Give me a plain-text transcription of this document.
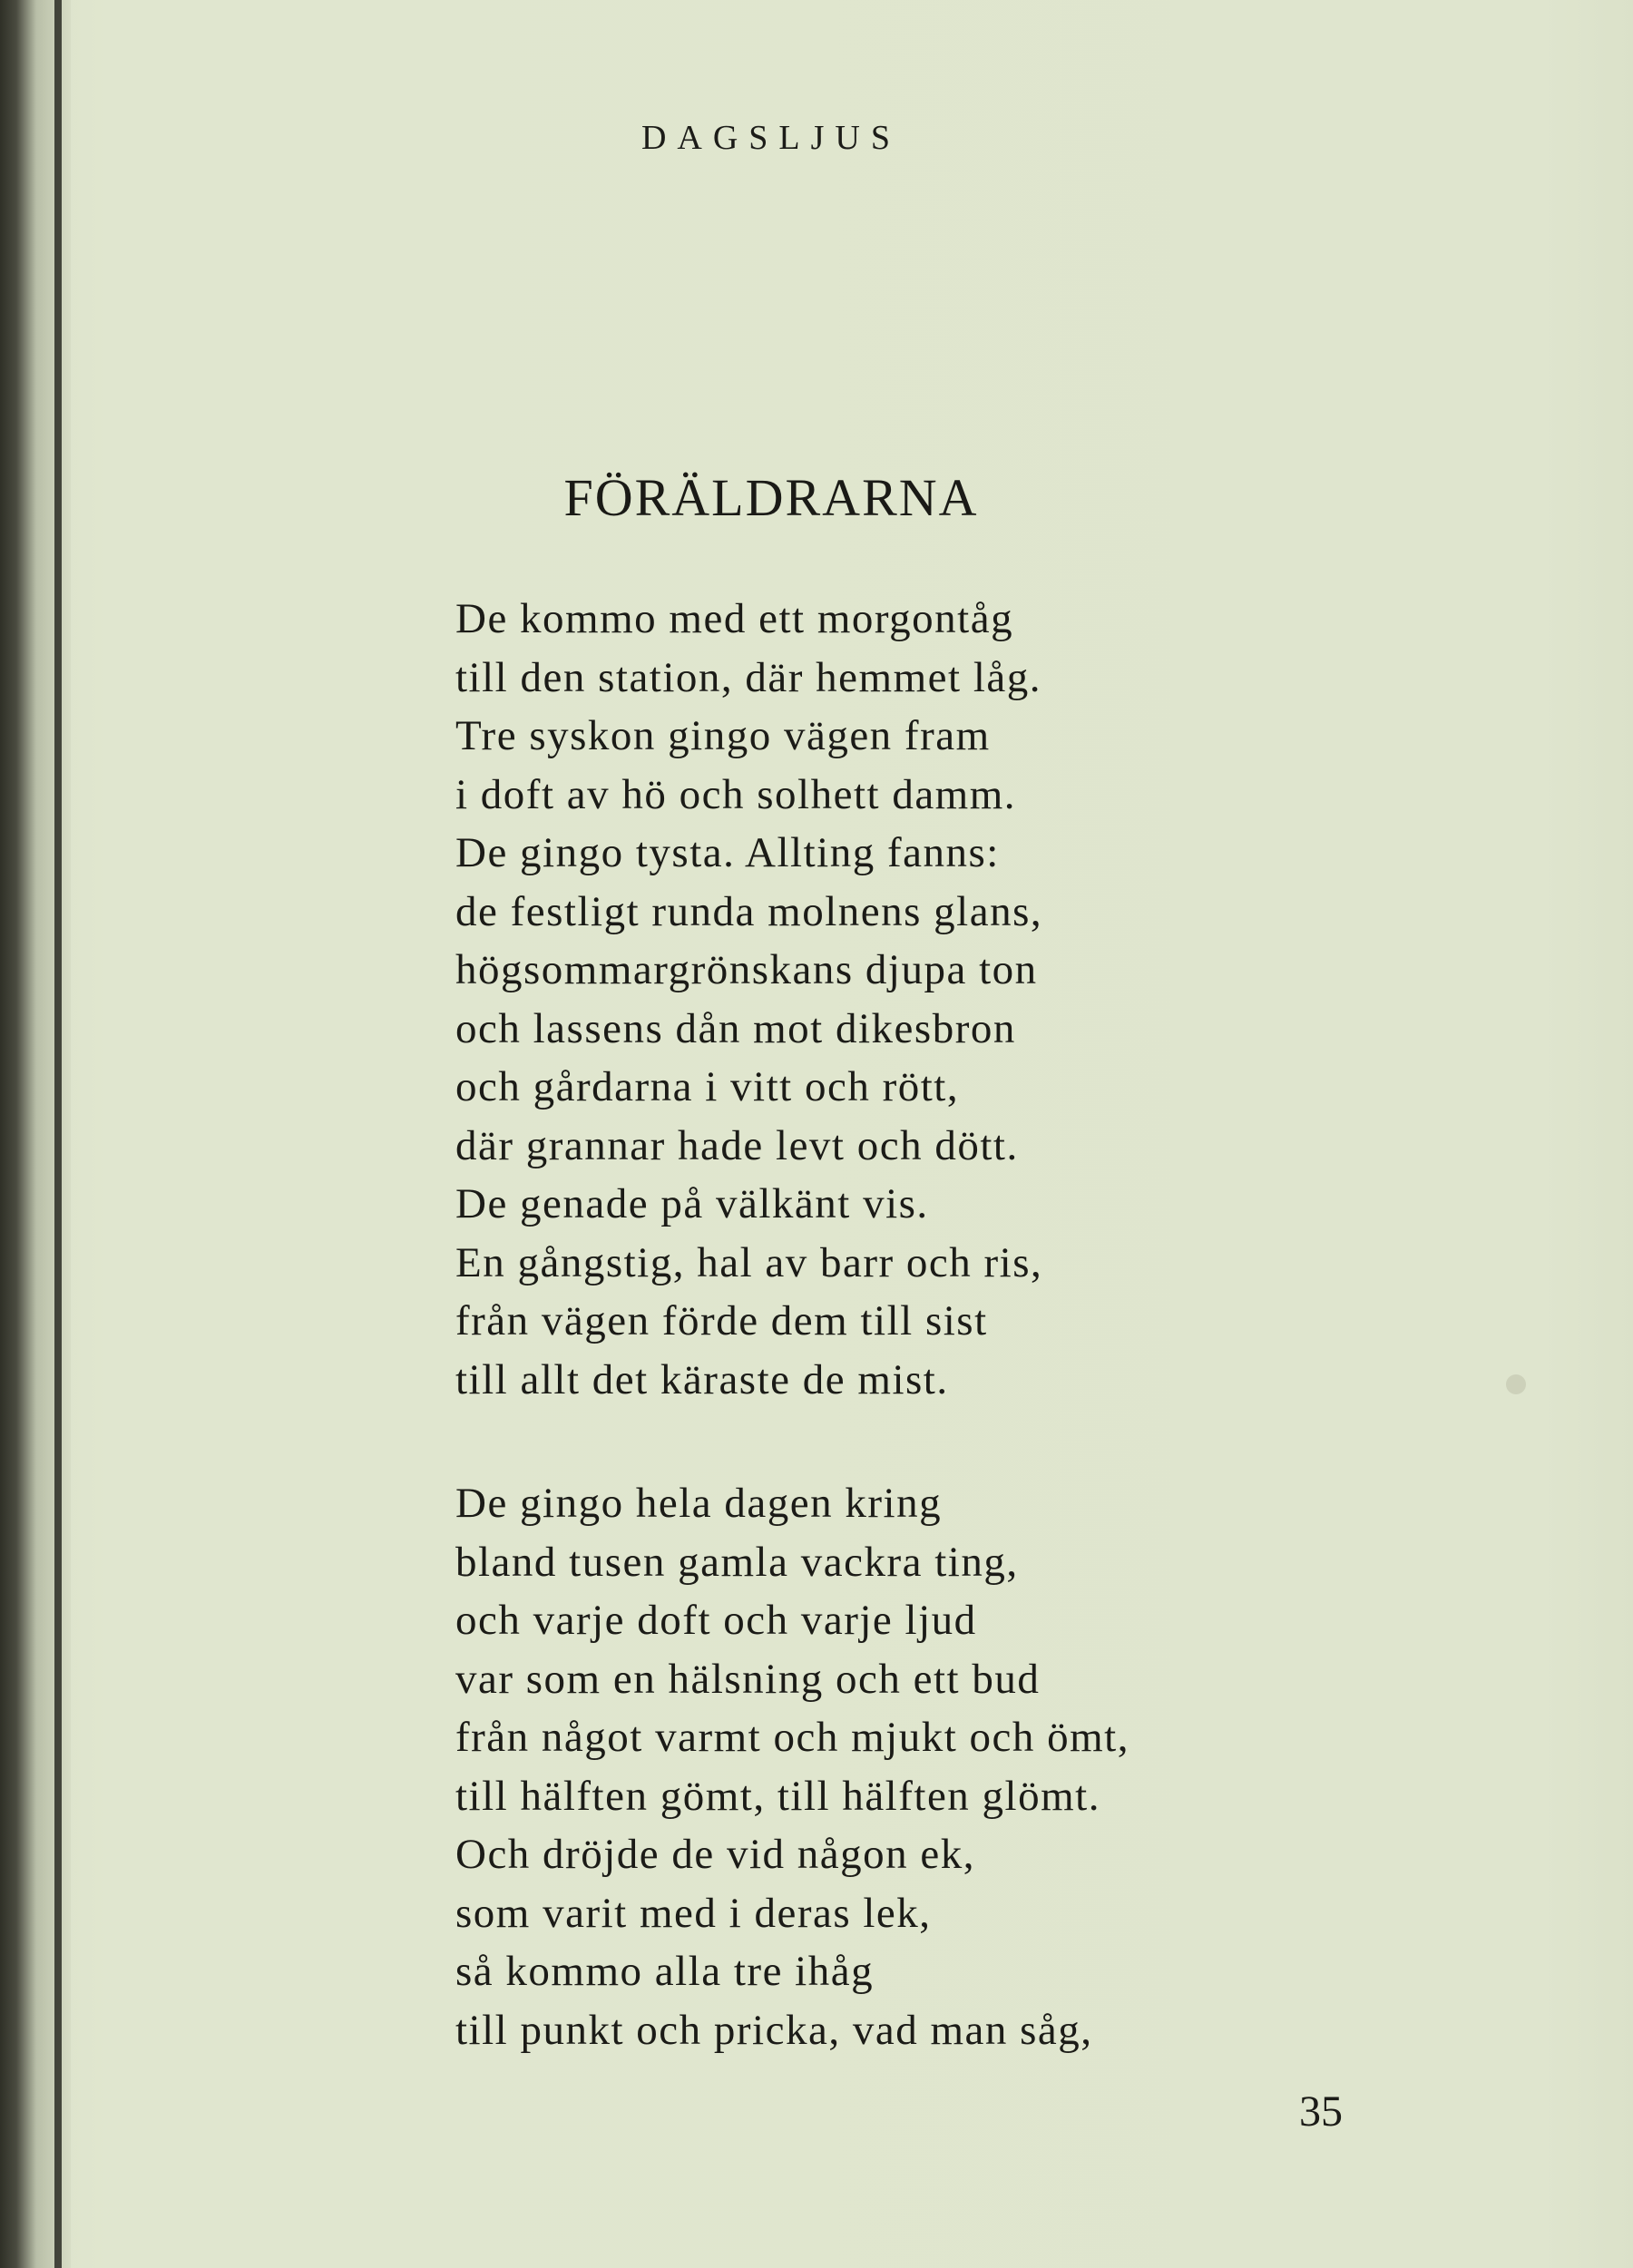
DAGSLJUS
FÖRÄLDRARNA
De kommo med ett morgontåg
till den station, där hemmet låg.
Tre syskon gingo vägen fram
i doft av hö och solhett damm.
De gingo tysta. Allting fanns:
de festligt runda molnens glans,
högsommargrönskans djupa ton
och lassens dån mot dikesbron
och gårdarna i vitt och rött,
där grannar hade levt och dött.
De genade på välkänt vis.
En gångstig, hal av barr och ris,
från vägen förde dem till sist
till allt det käraste de mist.
De gingo hela dagen kring
bland tusen gamla vackra ting,
och varje doft och varje ljud
var som en hälsning och ett bud
från något varmt och mjukt och ömt,
till hälften gömt, till hälften glömt.
Och dröjde de vid någon ek,
som varit med i deras lek,
så kommo alla tre ihåg
till punkt och pricka, vad man såg,
35
